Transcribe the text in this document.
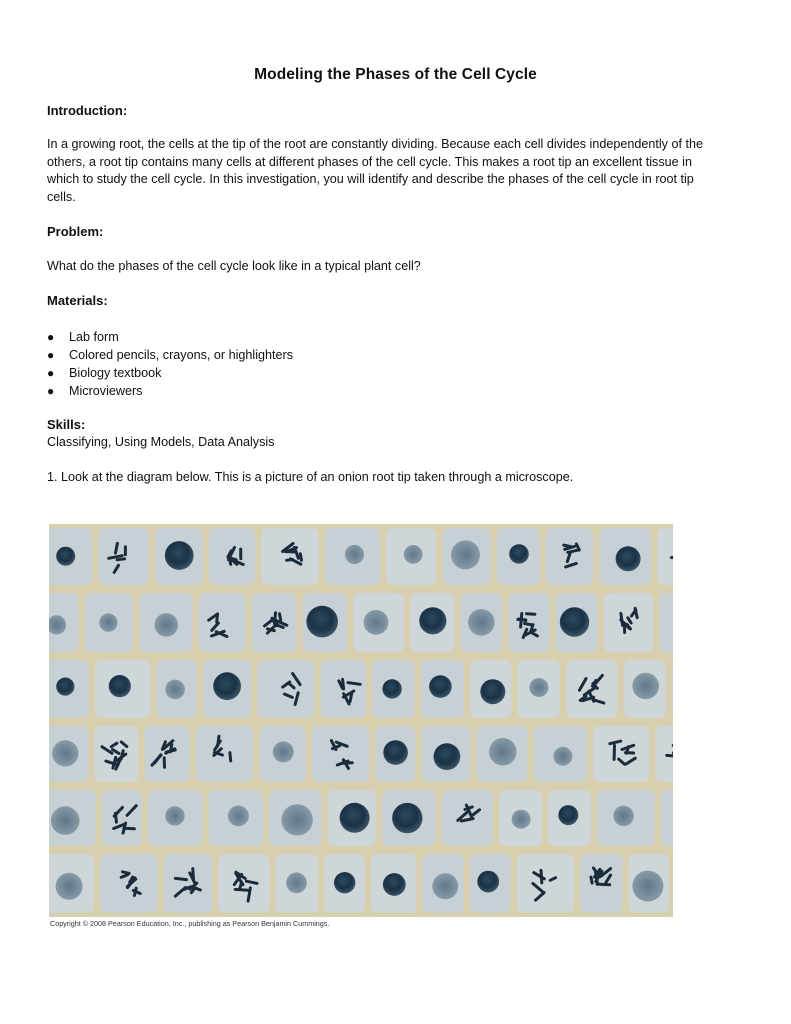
Modeling the Phases of the Cell Cycle
Introduction:
In a growing root, the cells at the tip of the root are constantly dividing. Because each cell divides independently of the
others, a root tip contains many cells at different phases of the cell cycle. This makes a root tip an excellent tissue in
which to study the cell cycle. In this investigation, you will identify and describe the phases of the cell cycle in root tip
cells.
Problem:
What do the phases of the cell cycle look like in a typical plant cell?
Materials:
● Lab form
● Colored pencils, crayons, or highlighters
● Biology textbook
● Microviewers
Skills:
Classifying, Using Models, Data Analysis
1. Look at the diagram below. This is a picture of an onion root tip taken through a microscope.
Copyright © 2008 Pearson Education, Inc., publishing as Pearson Benjamin Cummings.
